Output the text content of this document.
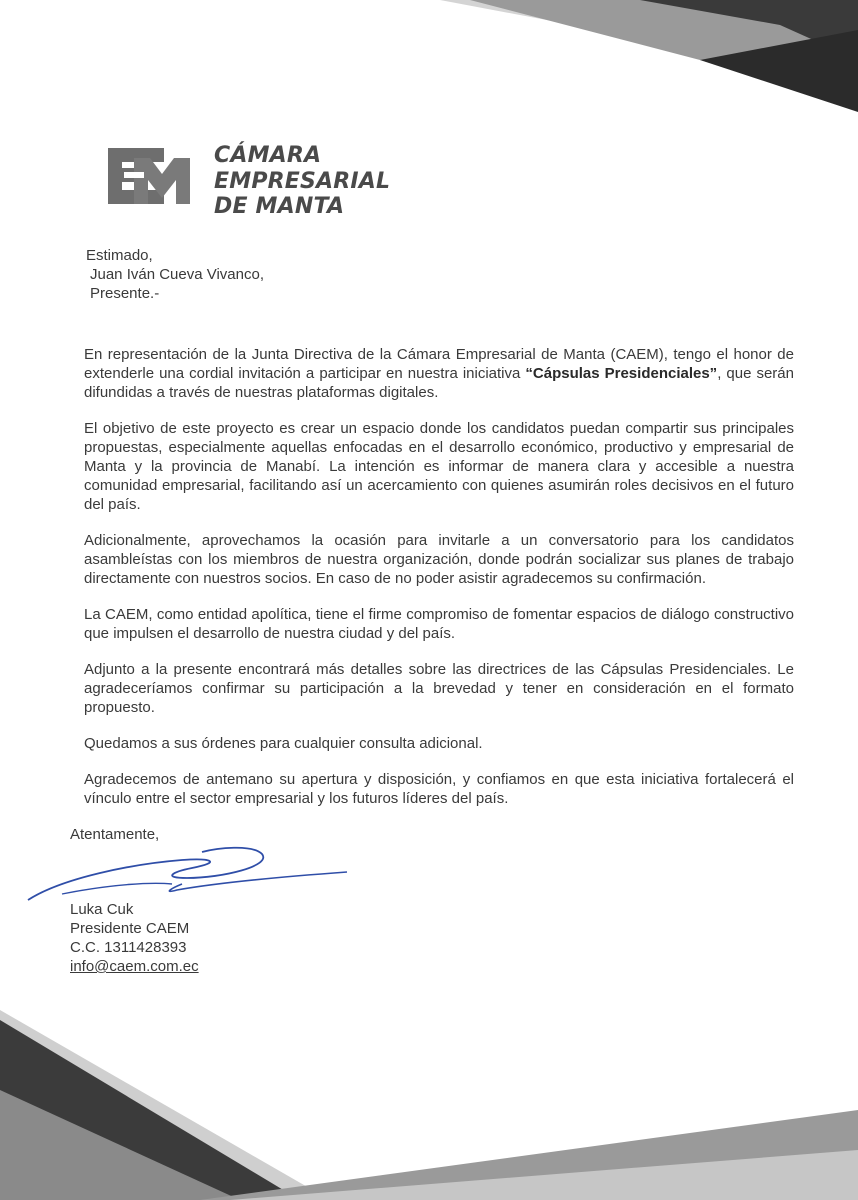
CÁMARA
EMPRESARIAL
DE MANTA
Estimado,
Juan Iván Cueva Vivanco,
Presente.-

En representación de la Junta Directiva de la Cámara Empresarial de Manta (CAEM), tengo el honor de extenderle una cordial invitación a participar en nuestra iniciativa “Cápsulas Presidenciales”, que serán difundidas a través de nuestras plataformas digitales.

El objetivo de este proyecto es crear un espacio donde los candidatos puedan compartir sus principales propuestas, especialmente aquellas enfocadas en el desarrollo económico, productivo y empresarial de Manta y la provincia de Manabí. La intención es informar de manera clara y accesible a nuestra comunidad empresarial, facilitando así un acercamiento con quienes asumirán roles decisivos en el futuro del país.

Adicionalmente, aprovechamos la ocasión para invitarle a un conversatorio para los candidatos asambleístas con los miembros de nuestra organización, donde podrán socializar sus planes de trabajo directamente con nuestros socios. En caso de no poder asistir agradecemos su confirmación.

La CAEM, como entidad apolítica, tiene el firme compromiso de fomentar espacios de diálogo constructivo que impulsen el desarrollo de nuestra ciudad y del país.

Adjunto a la presente encontrará más detalles sobre las directrices de las Cápsulas Presidenciales. Le agradeceríamos confirmar su participación a la brevedad y tener en consideración en el formato propuesto.

Quedamos a sus órdenes para cualquier consulta adicional.

Agradecemos de antemano su apertura y disposición, y confiamos en que esta iniciativa fortalecerá el vínculo entre el sector empresarial y los futuros líderes del país.

Atentamente,
Luka Cuk
Presidente CAEM
C.C. 1311428393
info@caem.com.ec
